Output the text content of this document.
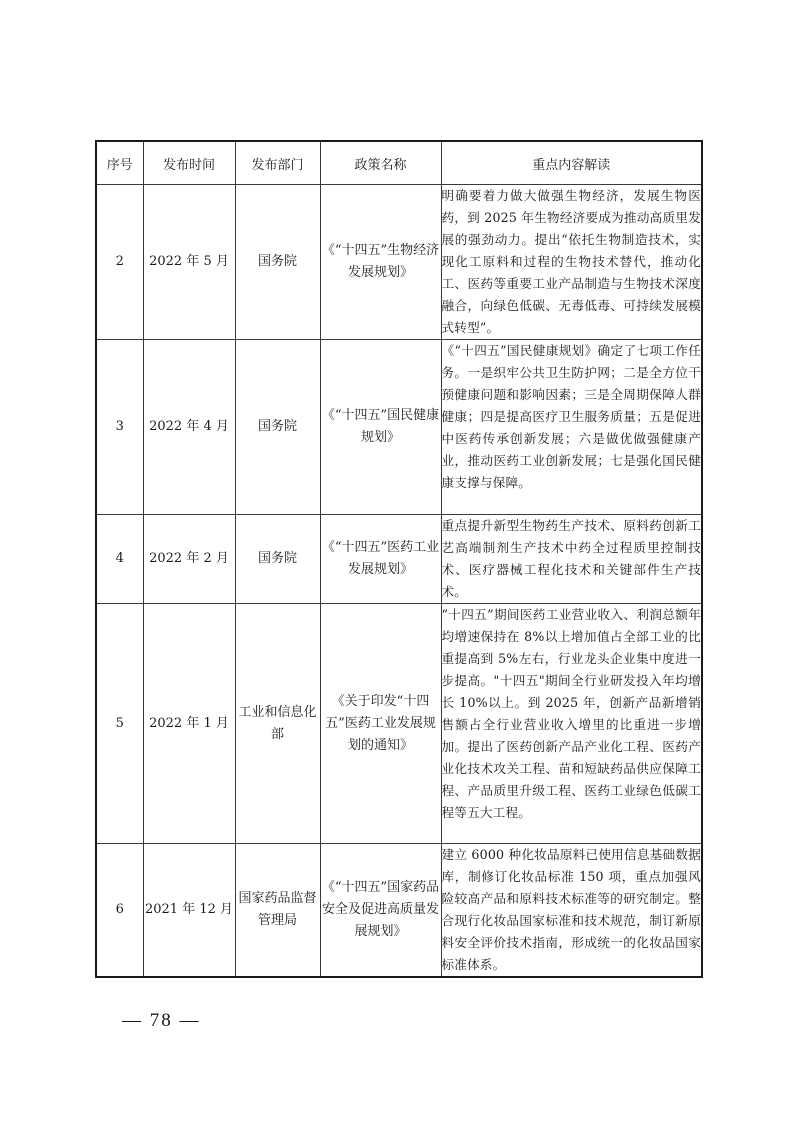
序号	发布时间	发布部门	政策名称	重点内容解读
2	2022 年 5 月	国务院	《“十四五”生物经济发展规划》	明确要着力做大做强生物经济，发展生物医药，到 2025 年生物经济要成为推动高质里发展的强劲动力。提出“依托生物制造技术，实现化工原料和过程的生物技术替代，推动化工、医药等重要工业产品制造与生物技术深度融合，向绿色低碳、无毒低毒、可持续发展模式转型”。
3	2022 年 4 月	国务院	《“十四五”国民健康规划》	《“十四五”国民健康规划》确定了七项工作任务。一是织牢公共卫生防护网；二是全方位干预健康问题和影响因素；三是全周期保障人群健康；四是提高医疗卫生服务质量；五是促进中医药传承创新发展；六是做优做强健康产业，推动医药工业创新发展；七是强化国民健康支撑与保障。
4	2022 年 2 月	国务院	《“十四五”医药工业发展规划》	重点提升新型生物药生产技术、原料药创新工艺高端制剂生产技术中药全过程质里控制技术、医疗器械工程化技术和关键部件生产技术。
5	2022 年 1 月	工业和信息化部	《关于印发“十四五”医药工业发展规划的通知》	“十四五”期间医药工业营业收入、利润总额年均增速保持在 8%以上增加值占全部工业的比重提高到 5%左右，行业龙头企业集中度进一步提高。"十四五"期间全行业研发投入年均增长 10%以上。到 2025 年，创新产品新增销售额占全行业营业收入增里的比重进一步增加。提出了医药创新产品产业化工程、医药产业化技术攻关工程、苗和短缺药品供应保障工程、产品质里升级工程、医药工业绿色低碳工程等五大工程。
6	2021 年 12 月	国家药品监督管理局	《“十四五”国家药品安全及促进高质量发展规划》	建立 6000 种化妆品原料已使用信息基础数据库，制修订化妆品标准 150 项，重点加强风险较高产品和原料技术标准等的研究制定。整合现行化妆品国家标准和技术规范，制订新原料安全评价技术指南，形成统一的化妆品国家标准体系。
— 78 —
